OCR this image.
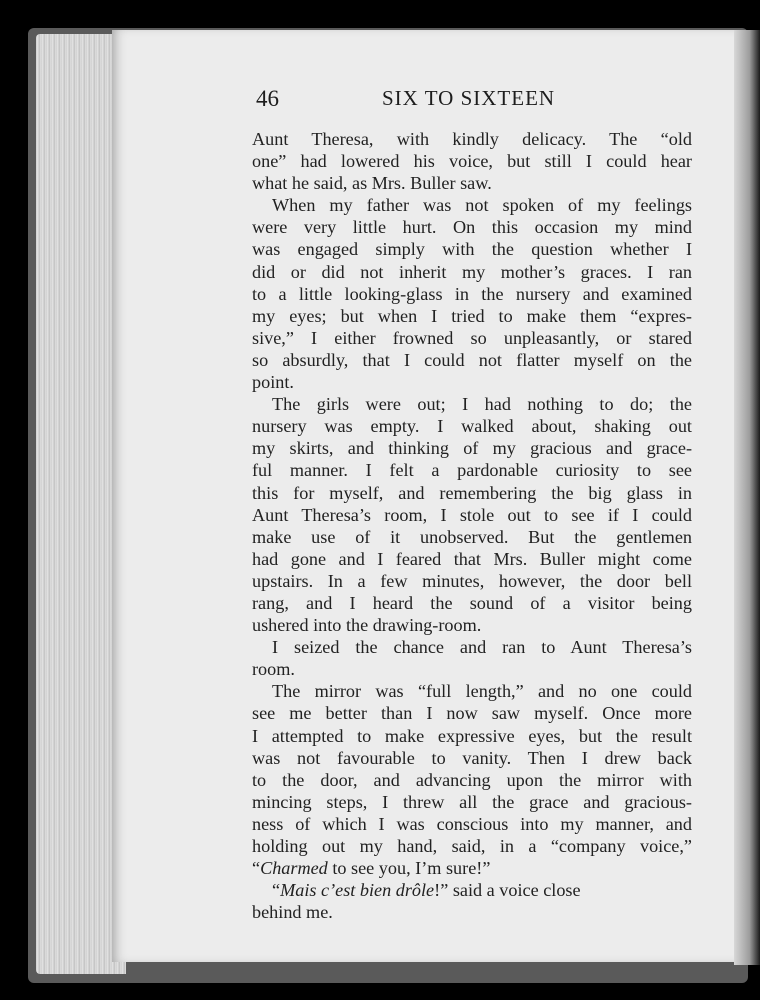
46	SIX TO SIXTEEN
Aunt Theresa, with kindly delicacy. The “old
one” had lowered his voice, but still I could hear
what he said, as Mrs. Buller saw.
When my father was not spoken of my feelings
were very little hurt. On this occasion my mind
was engaged simply with the question whether I
did or did not inherit my mother’s graces. I ran
to a little looking-glass in the nursery and examined
my eyes; but when I tried to make them “expres-
sive,” I either frowned so unpleasantly, or stared
so absurdly, that I could not flatter myself on the
point.
The girls were out; I had nothing to do; the
nursery was empty. I walked about, shaking out
my skirts, and thinking of my gracious and grace-
ful manner. I felt a pardonable curiosity to see
this for myself, and remembering the big glass in
Aunt Theresa’s room, I stole out to see if I could
make use of it unobserved. But the gentlemen
had gone and I feared that Mrs. Buller might come
upstairs. In a few minutes, however, the door bell
rang, and I heard the sound of a visitor being
ushered into the drawing-room.
I seized the chance and ran to Aunt Theresa’s
room.
The mirror was “full length,” and no one could
see me better than I now saw myself. Once more
I attempted to make expressive eyes, but the result
was not favourable to vanity. Then I drew back
to the door, and advancing upon the mirror with
mincing steps, I threw all the grace and gracious-
ness of which I was conscious into my manner, and
holding out my hand, said, in a “company voice,”
“Charmed to see you, I’m sure!”
“Mais c’est bien drôle!” said a voice close
behind me.
